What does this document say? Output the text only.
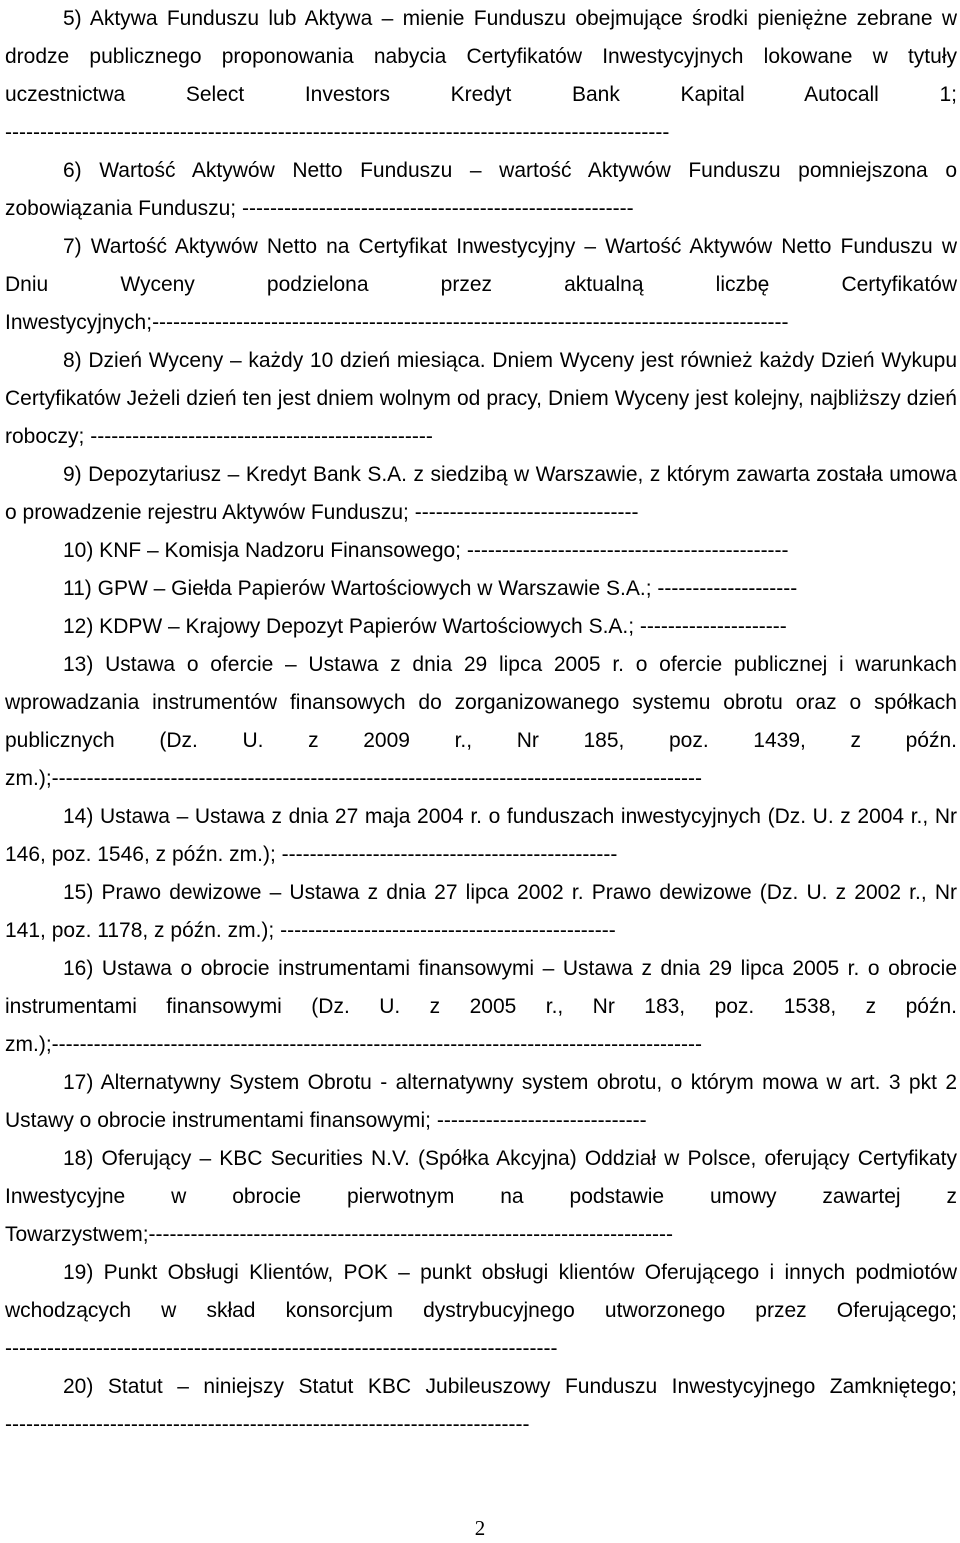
5) Aktywa Funduszu lub Aktywa – mienie Funduszu obejmujące środki pieniężne zebrane w drodze publicznego proponowania nabycia Certyfikatów Inwestycyjnych lokowane w tytuły uczestnictwa Select Investors Kredyt Bank Kapital Autocall 1; -----------------------------------------------------------------------------------------------

6) Wartość Aktywów Netto Funduszu – wartość Aktywów Funduszu pomniejszona o zobowiązania Funduszu; --------------------------------------------------------

7) Wartość Aktywów Netto na Certyfikat Inwestycyjny – Wartość Aktywów Netto Funduszu w Dniu Wyceny podzielona przez aktualną liczbę Certyfikatów Inwestycyjnych;-------------------------------------------------------------------------------------------

8) Dzień Wyceny – każdy 10 dzień miesiąca. Dniem Wyceny jest również każdy Dzień Wykupu Certyfikatów Jeżeli dzień ten jest dniem wolnym od pracy, Dniem Wyceny jest kolejny, najbliższy dzień roboczy; -------------------------------------------------

9) Depozytariusz – Kredyt Bank S.A. z siedzibą w Warszawie, z którym zawarta została umowa o prowadzenie rejestru Aktywów Funduszu; --------------------------------

10) KNF – Komisja Nadzoru Finansowego; ----------------------------------------------

11) GPW – Giełda Papierów Wartościowych w Warszawie S.A.; --------------------

12) KDPW – Krajowy Depozyt Papierów Wartościowych S.A.; ---------------------

13) Ustawa o ofercie – Ustawa z dnia 29 lipca 2005 r. o ofercie publicznej i warunkach wprowadzania instrumentów finansowych do zorganizowanego systemu obrotu oraz o spółkach publicznych (Dz. U. z 2009 r., Nr 185, poz. 1439, z późn. zm.);---------------------------------------------------------------------------------------------

14) Ustawa – Ustawa z dnia 27 maja 2004 r. o funduszach inwestycyjnych (Dz. U. z 2004 r., Nr 146, poz. 1546, z późn. zm.); ------------------------------------------------

15) Prawo dewizowe – Ustawa z dnia 27 lipca 2002 r. Prawo dewizowe (Dz. U. z 2002 r., Nr 141, poz. 1178, z późn. zm.); ------------------------------------------------

16) Ustawa o obrocie instrumentami finansowymi – Ustawa z dnia 29 lipca 2005 r. o obrocie instrumentami finansowymi (Dz. U. z 2005 r., Nr 183, poz. 1538, z późn. zm.);---------------------------------------------------------------------------------------------

17) Alternatywny System Obrotu - alternatywny system obrotu, o którym mowa w art. 3 pkt 2 Ustawy o obrocie instrumentami finansowymi; ------------------------------

18) Oferujący – KBC Securities N.V. (Spółka Akcyjna) Oddział w Polsce, oferujący Certyfikaty Inwestycyjne w obrocie pierwotnym na podstawie umowy zawartej z Towarzystwem;---------------------------------------------------------------------------

19) Punkt Obsługi Klientów, POK – punkt obsługi klientów Oferującego i innych podmiotów wchodzących w skład konsorcjum dystrybucyjnego utworzonego przez Oferującego; -------------------------------------------------------------------------------

20) Statut – niniejszy Statut KBC Jubileuszowy Funduszu Inwestycyjnego Zamkniętego; ---------------------------------------------------------------------------

2
